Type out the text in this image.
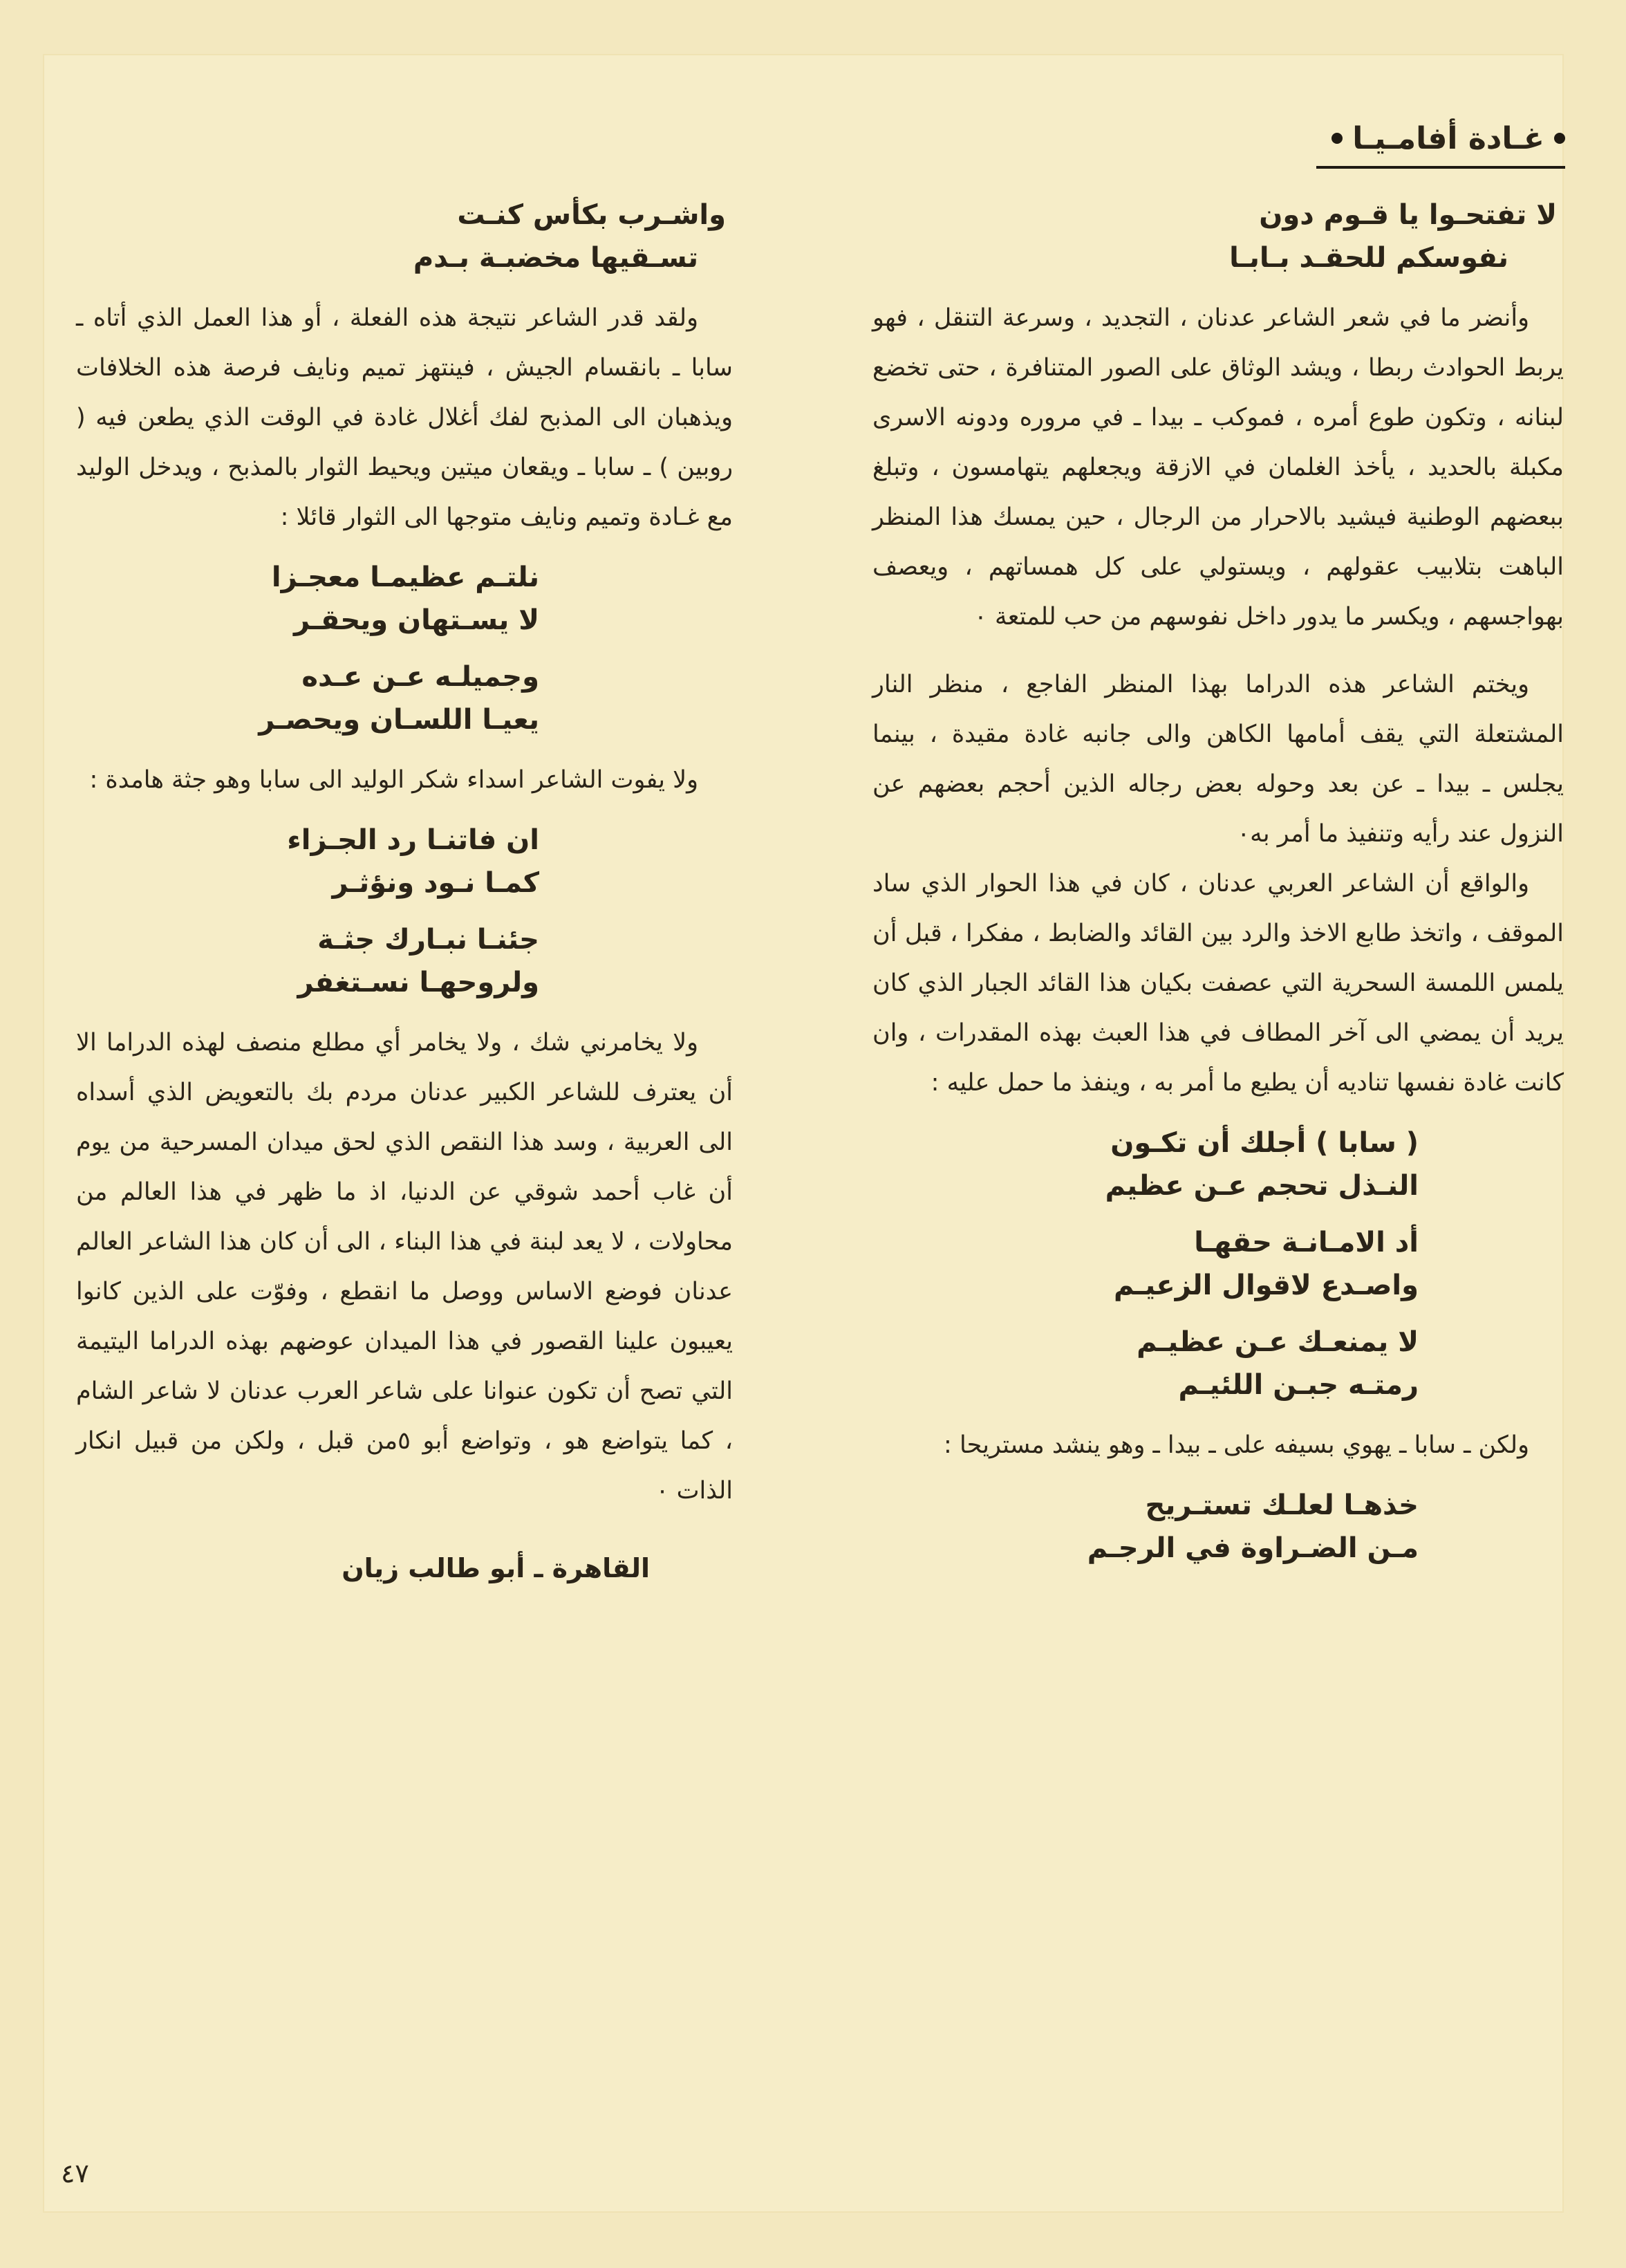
غـادة أفامـيـا
لا تفتحـوا يا قـوم دون
نفوسكم للحقـد بـابـا

وأنضر ما في شعر الشاعر عدنان ، التجديد ، وسرعة التنقل ، فهو يربط الحوادث ربطا ، ويشد الوثاق على الصور المتنافرة ، حتى تخضع لبنانه ، وتكون طوع أمره ، فموكب ـ بيدا ـ في مروره ودونه الاسرى مكبلة بالحديد ، يأخذ الغلمان في الازقة ويجعلهم يتهامسون ، وتبلغ ببعضهم الوطنية فيشيد بالاحرار من الرجال ، حين يمسك هذا المنظر الباهت بتلابيب عقولهم ، ويستولي على كل همساتهم ، ويعصف بهواجسهم ، ويكسر ما يدور داخل نفوسهم من حب للمتعة ٠

ويختم الشاعر هذه الدراما بهذا المنظر الفاجع ، منظر النار المشتعلة التي يقف أمامها الكاهن والى جانبه غادة مقيدة ، بينما يجلس ـ بيدا ـ عن بعد وحوله بعض رجاله الذين أحجم بعضهم عن النزول عند رأيه وتنفيذ ما أمر به٠

والواقع أن الشاعر العربي عدنان ، كان في هذا الحوار الذي ساد الموقف ، واتخذ طابع الاخذ والرد بين القائد والضابط ، مفكرا ، قبل أن يلمس اللمسة السحرية التي عصفت بكيان هذا القائد الجبار الذي كان يريد أن يمضي الى آخر المطاف في هذا العبث بهذه المقدرات ، وان كانت غادة نفسها تناديه أن يطيع ما أمر به ، وينفذ ما حمل عليه :

( سابا ) أجلك أن تكـون
النـذل تحجم عـن عظيم
أد الامـانـة حقهـا
واصـدع لاقوال الزعيـم
لا يمنعـك عـن عظيـم
رمتـه جبـن اللئيـم

ولكن ـ سابا ـ يهوي بسيفه على ـ بيدا ـ وهو ينشد مستريحا :

خذهـا لعلـك تستـريح
مـن الضـراوة في الرجـم
واشـرب بكأس كنـت
تسـقيها مخضبـة بـدم

ولقد قدر الشاعر نتيجة هذه الفعلة ، أو هذا العمل الذي أتاه ـ سابا ـ بانقسام الجيش ، فينتهز تميم ونايف فرصة هذه الخلافات ويذهبان الى المذبح لفك أغلال غادة في الوقت الذي يطعن فيه ( روبين ) ـ سابا ـ ويقعان ميتين ويحيط الثوار بالمذبح ، ويدخل الوليد مع غـادة وتميم ونايف متوجها الى الثوار قائلا :

نلتـم عظيمـا معجـزا
لا يسـتهان ويحقـر
وجميلـه عـن عـده
يعيـا اللسـان ويحصـر

ولا يفوت الشاعر اسداء شكر الوليد الى سابا وهو جثة هامدة :

ان فاتنـا رد الجـزاء
كمـا نـود ونؤثـر
جئنـا نبـارك جثـة
ولروحهـا نسـتغفر

ولا يخامرني شك ، ولا يخامر أي مطلع منصف لهذه الدراما الا أن يعترف للشاعر الكبير عدنان مردم بك بالتعويض الذي أسداه الى العربية ، وسد هذا النقص الذي لحق ميدان المسرحية من يوم أن غاب أحمد شوقي عن الدنيا، اذ ما ظهر في هذا العالم من محاولات ، لا يعد لبنة في هذا البناء ، الى أن كان هذا الشاعر العالم عدنان فوضع الاساس ووصل ما انقطع ، وفوّت على الذين كانوا يعيبون علينا القصور في هذا الميدان عوضهم بهذه الدراما اليتيمة التي تصح أن تكون عنوانا على شاعر العرب عدنان لا شاعر الشام ، كما يتواضع هو ، وتواضع أبو ٥من قبل ، ولكن من قبيل انكار الذات ٠

القاهرة ـ أبو طالب زيان

٤٧
